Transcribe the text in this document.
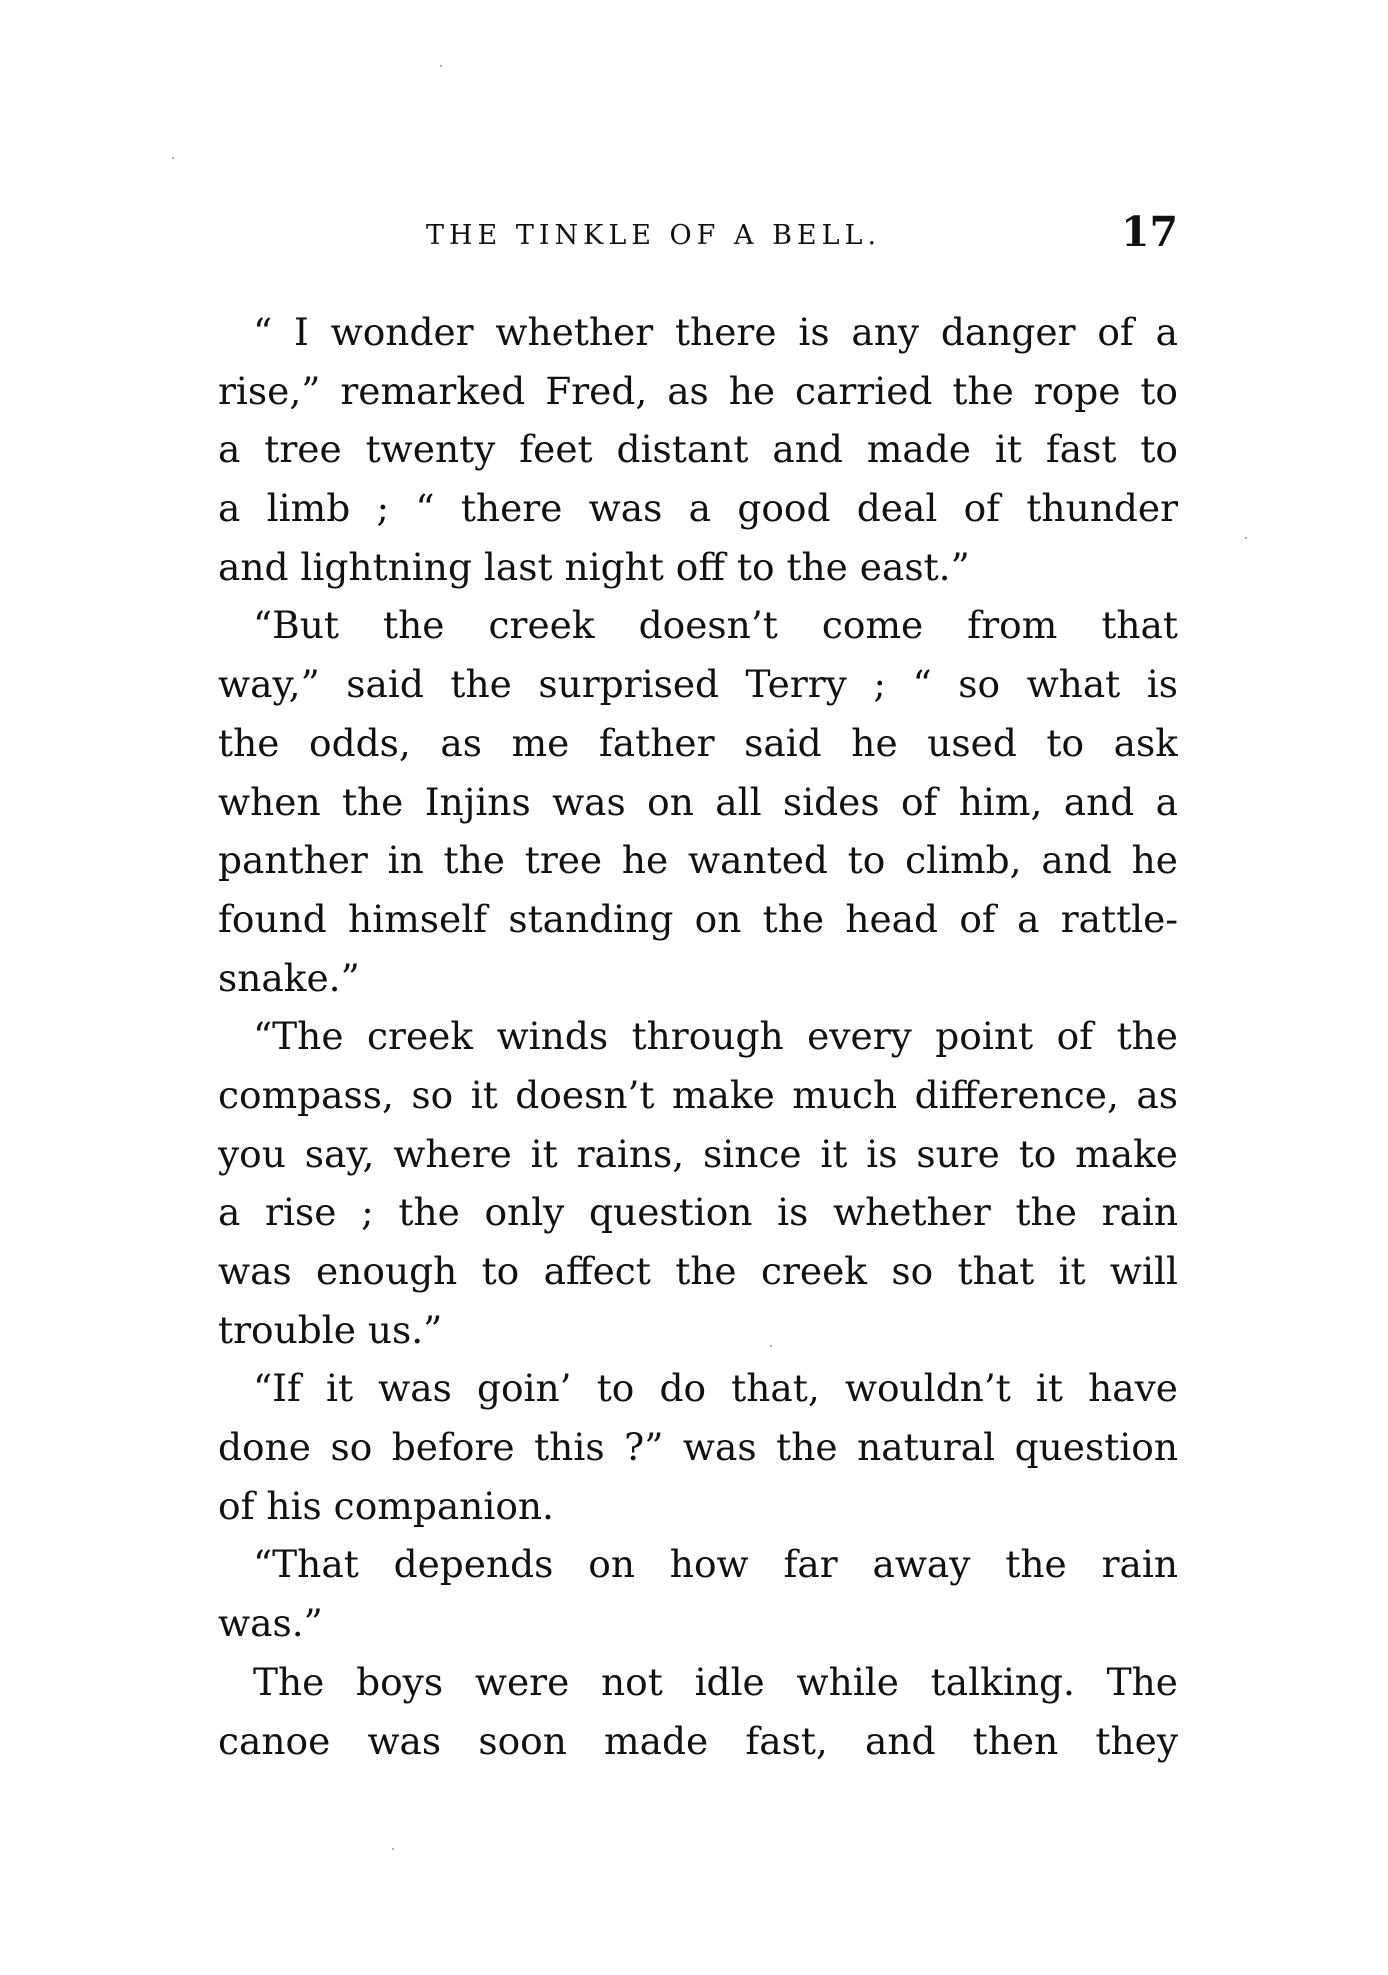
THE TINKLE OF A BELL.	17
“ I wonder whether there is any danger of a
rise,” remarked Fred, as he carried the rope to
a tree twenty feet distant and made it fast to
a limb ; “ there was a good deal of thunder
and lightning last night off to the east.”
“But the creek doesn’t come from that
way,” said the surprised Terry ; “ so what is
the odds, as me father said he used to ask
when the Injins was on all sides of him, and a
panther in the tree he wanted to climb, and he
found himself standing on the head of a rattle-
snake.”
“The creek winds through every point of the
compass, so it doesn’t make much difference, as
you say, where it rains, since it is sure to make
a rise ; the only question is whether the rain
was enough to affect the creek so that it will
trouble us.”
“If it was goin’ to do that, wouldn’t it have
done so before this ?” was the natural question
of his companion.
“That depends on how far away the rain
was.”
The boys were not idle while talking. The
canoe was soon made fast, and then they
